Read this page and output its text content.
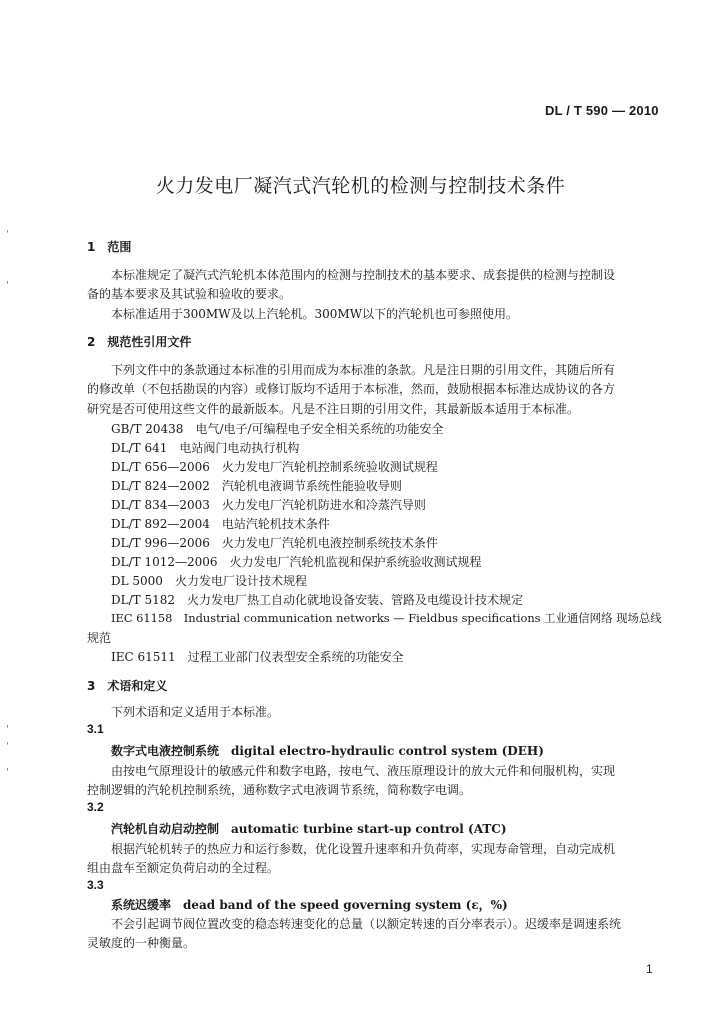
DL / T 590 — 2010
火力发电厂凝汽式汽轮机的检测与控制技术条件
ˈ
ˌ
ˈ
ˈ
ˈ
1　范围
本标准规定了凝汽式汽轮机本体范围内的检测与控制技术的基本要求、成套提供的检测与控制设
备的基本要求及其试验和验收的要求。
本标准适用于300MW及以上汽轮机。300MW以下的汽轮机也可参照使用。
2　规范性引用文件
下列文件中的条款通过本标准的引用而成为本标准的条款。凡是注日期的引用文件，其随后所有
的修改单（不包括勘误的内容）或修订版均不适用于本标准，然而，鼓励根据本标准达成协议的各方
研究是否可使用这些文件的最新版本。凡是不注日期的引用文件，其最新版本适用于本标准。
GB/T 20438　电气/电子/可编程电子安全相关系统的功能安全
DL/T 641　电站阀门电动执行机构
DL/T 656—2006　火力发电厂汽轮机控制系统验收测试规程
DL/T 824—2002　汽轮机电液调节系统性能验收导则
DL/T 834—2003　火力发电厂汽轮机防进水和冷蒸汽导则
DL/T 892—2004　电站汽轮机技术条件
DL/T 996—2006　火力发电厂汽轮机电液控制系统技术条件
DL/T 1012—2006　火力发电厂汽轮机监视和保护系统验收测试规程
DL 5000　火力发电厂设计技术规程
DL/T 5182　火力发电厂热工自动化就地设备安装、管路及电缆设计技术规定
IEC 61158　Industrial communication networks — Fieldbus specifications 工业通信网络 现场总线
规范
IEC 61511　过程工业部门仪表型安全系统的功能安全
3　术语和定义
下列术语和定义适用于本标准。
3.1
数字式电液控制系统　digital electro-hydraulic control system (DEH)
由按电气原理设计的敏感元件和数字电路，按电气、液压原理设计的放大元件和伺服机构，实现
控制逻辑的汽轮机控制系统，通称数字式电液调节系统，简称数字电调。
3.2
汽轮机自动启动控制　automatic turbine start-up control (ATC)
根据汽轮机转子的热应力和运行参数，优化设置升速率和升负荷率，实现寿命管理，自动完成机
组由盘车至额定负荷启动的全过程。
3.3
系统迟缓率　dead band of the speed governing system (ε，%)
不会引起调节阀位置改变的稳态转速变化的总量（以额定转速的百分率表示）。迟缓率是调速系统
灵敏度的一种衡量。
1
